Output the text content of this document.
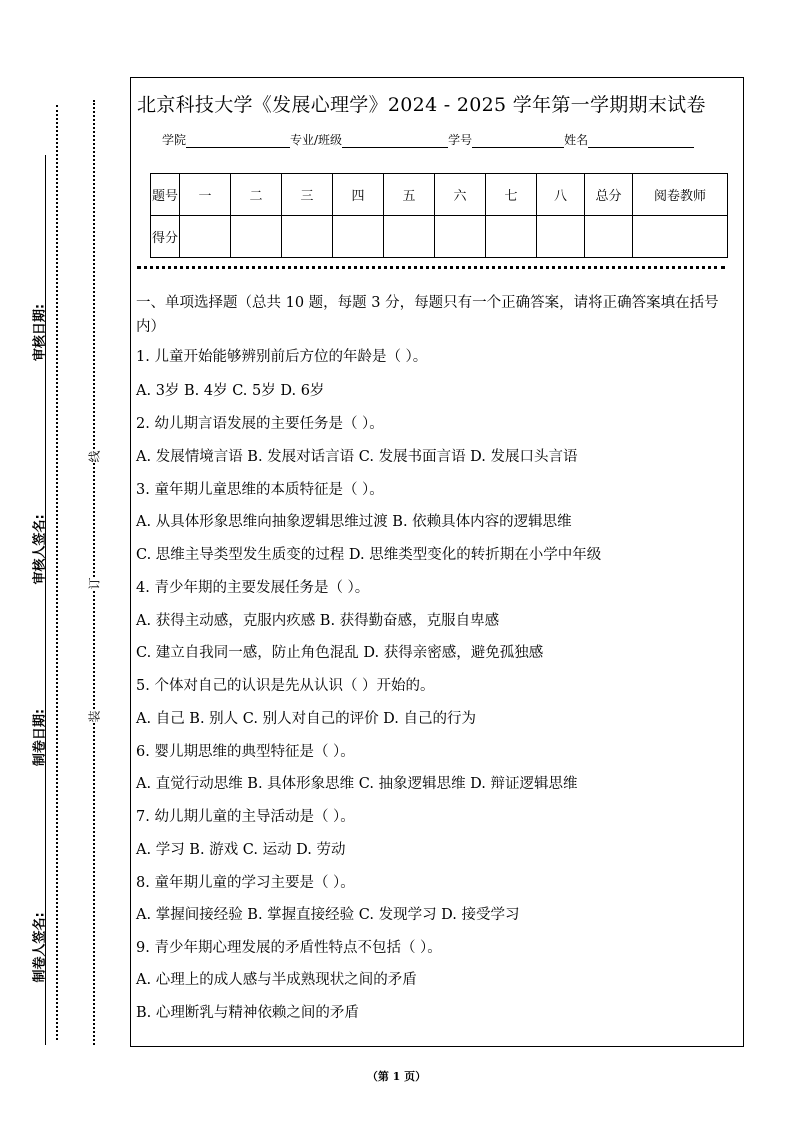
审核日期:
审核人签名:
制卷日期:
制卷人签名:
线
订
装
北京科技大学《发展心理学》2024 - 2025 学年第一学期期末试卷
学院	专业/班级	学号	姓名
题号	一	二	三	四	五	六	七	八	总分	阅卷教师
得分										
一、单项选择题（总共 10 题，每题 3 分，每题只有一个正确答案，请将正确答案填在括号内）
1. 儿童开始能够辨别前后方位的年龄是（ ）。
A. 3岁 B. 4岁 C. 5岁 D. 6岁
2. 幼儿期言语发展的主要任务是（ ）。
A. 发展情境言语 B. 发展对话言语 C. 发展书面言语 D. 发展口头言语
3. 童年期儿童思维的本质特征是（ ）。
A. 从具体形象思维向抽象逻辑思维过渡 B. 依赖具体内容的逻辑思维
C. 思维主导类型发生质变的过程 D. 思维类型变化的转折期在小学中年级
4. 青少年期的主要发展任务是（ ）。
A. 获得主动感，克服内疚感 B. 获得勤奋感，克服自卑感
C. 建立自我同一感，防止角色混乱 D. 获得亲密感，避免孤独感
5. 个体对自己的认识是先从认识（ ）开始的。
A. 自己 B. 别人 C. 别人对自己的评价 D. 自己的行为
6. 婴儿期思维的典型特征是（ ）。
A. 直觉行动思维 B. 具体形象思维 C. 抽象逻辑思维 D. 辩证逻辑思维
7. 幼儿期儿童的主导活动是（ ）。
A. 学习 B. 游戏 C. 运动 D. 劳动
8. 童年期儿童的学习主要是（ ）。
A. 掌握间接经验 B. 掌握直接经验 C. 发现学习 D. 接受学习
9. 青少年期心理发展的矛盾性特点不包括（ ）。
A. 心理上的成人感与半成熟现状之间的矛盾
B. 心理断乳与精神依赖之间的矛盾
（第 1 页）
